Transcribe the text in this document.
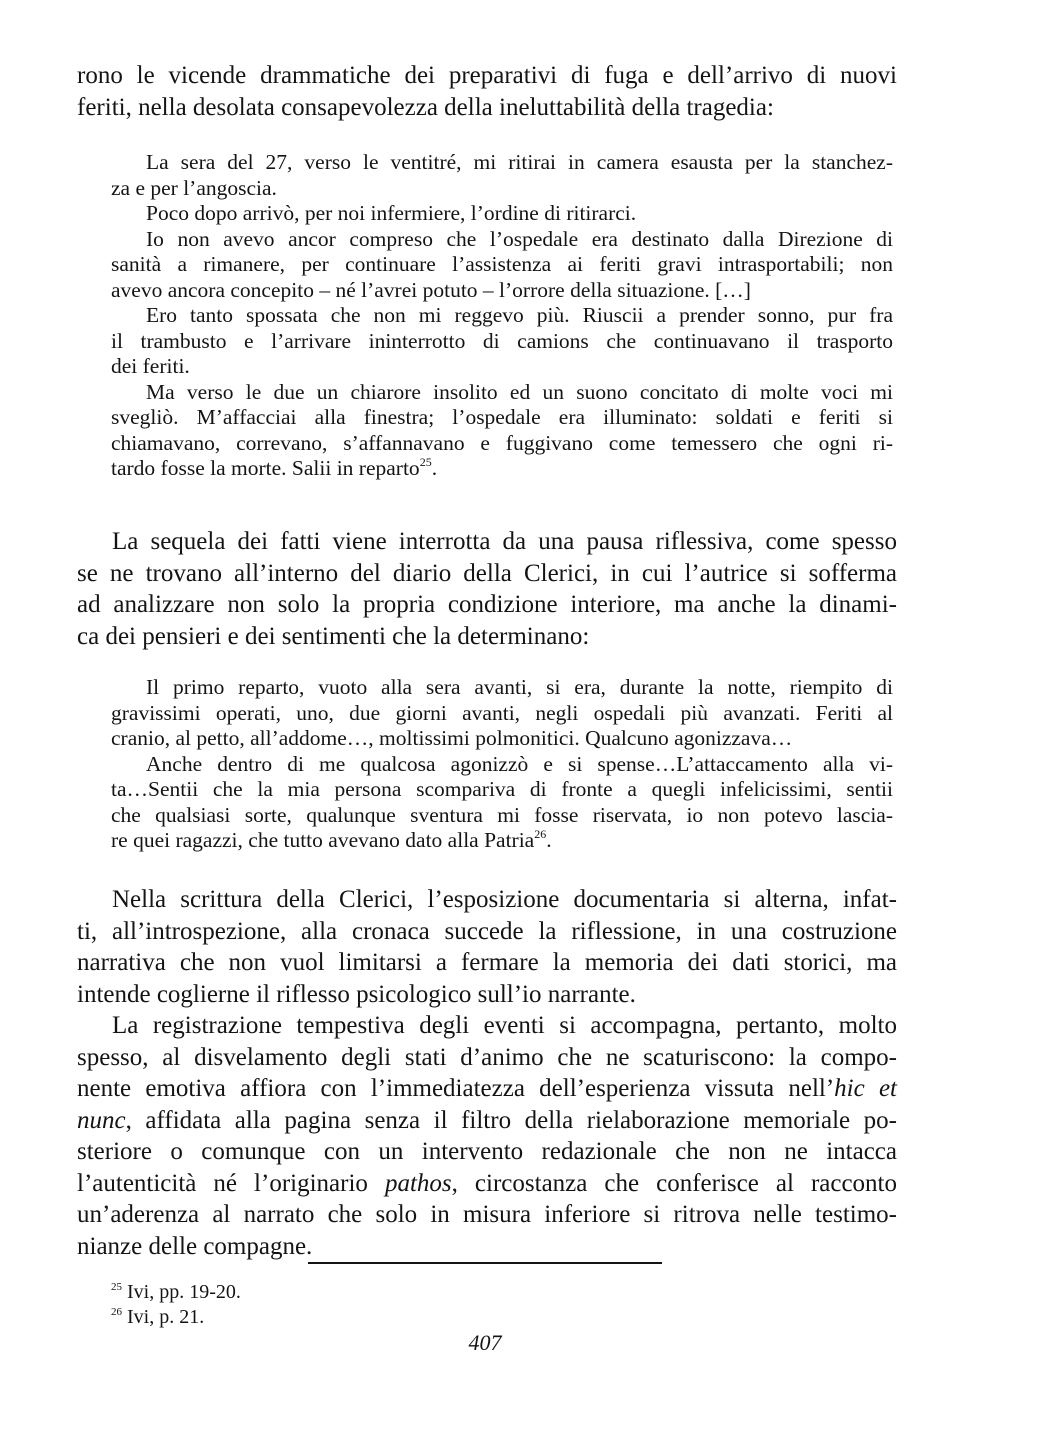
rono le vicende drammatiche dei preparativi di fuga e dell’arrivo di nuovi
feriti, nella desolata consapevolezza della ineluttabilità della tragedia:

La sera del 27, verso le ventitré, mi ritirai in camera esausta per la stanchez-
za e per l’angoscia.

Poco dopo arrivò, per noi infermiere, l’ordine di ritirarci.

Io non avevo ancor compreso che l’ospedale era destinato dalla Direzione di
sanità a rimanere, per continuare l’assistenza ai feriti gravi intrasportabili; non
avevo ancora concepito – né l’avrei potuto – l’orrore della situazione. […]

Ero tanto spossata che non mi reggevo più. Riuscii a prender sonno, pur fra
il trambusto e l’arrivare ininterrotto di camions che continuavano il trasporto
dei feriti.

Ma verso le due un chiarore insolito ed un suono concitato di molte voci mi
svegliò. M’affacciai alla finestra; l’ospedale era illuminato: soldati e feriti si
chiamavano, correvano, s’affannavano e fuggivano come temessero che ogni ri-
tardo fosse la morte. Salii in reparto$^{25}$.

La sequela dei fatti viene interrotta da una pausa riflessiva, come spesso
se ne trovano all’interno del diario della Clerici, in cui l’autrice si sofferma
ad analizzare non solo la propria condizione interiore, ma anche la dinami-
ca dei pensieri e dei sentimenti che la determinano:

Il primo reparto, vuoto alla sera avanti, si era, durante la notte, riempito di
gravissimi operati, uno, due giorni avanti, negli ospedali più avanzati. Feriti al
cranio, al petto, all’addome…, moltissimi polmonitici. Qualcuno agonizzava…

Anche dentro di me qualcosa agonizzò e si spense…L’attaccamento alla vi-
ta…Sentii che la mia persona scompariva di fronte a quegli infelicissimi, sentii
che qualsiasi sorte, qualunque sventura mi fosse riservata, io non potevo lascia-
re quei ragazzi, che tutto avevano dato alla Patria$^{26}$.

Nella scrittura della Clerici, l’esposizione documentaria si alterna, infat-
ti, all’introspezione, alla cronaca succede la riflessione, in una costruzione
narrativa che non vuol limitarsi a fermare la memoria dei dati storici, ma
intende coglierne il riflesso psicologico sull’io narrante.

La registrazione tempestiva degli eventi si accompagna, pertanto, molto
spesso, al disvelamento degli stati d’animo che ne scaturiscono: la compo-
nente emotiva affiora con l’immediatezza dell’esperienza vissuta nell’hic et
nunc, affidata alla pagina senza il filtro della rielaborazione memoriale po-
steriore o comunque con un intervento redazionale che non ne intacca
l’autenticità né l’originario pathos, circostanza che conferisce al racconto
un’aderenza al narrato che solo in misura inferiore si ritrova nelle testimo-
nianze delle compagne.

$^{25}$ Ivi, pp. 19-20.

$^{26}$ Ivi, p. 21.

407
